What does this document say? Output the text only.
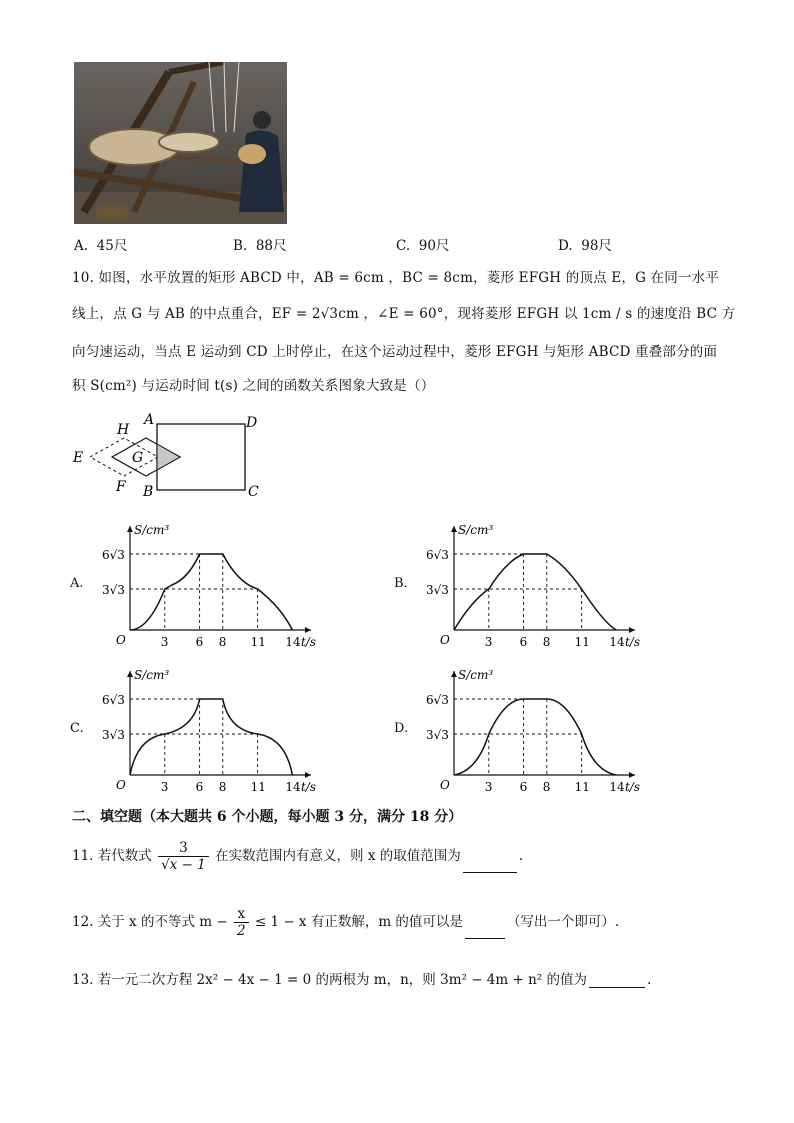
A. 45尺	B. 88尺	C. 90尺	D. 98尺
10. 如图，水平放置的矩形 ABCD 中，AB = 6cm ，BC = 8cm，菱形 EFGH 的顶点 E，G 在同一水平
线上，点 G 与 AB 的中点重合，EF = 2√3cm ，∠E = 60°，现将菱形 EFGH 以 1cm / s 的速度沿 BC 方
向匀速运动，当点 E 运动到 CD 上时停止，在这个运动过程中，菱形 EFGH 与矩形 ABCD 重叠部分的面
积 S(cm²) 与运动时间 t(s) 之间的函数关系图象大致是（）
A	D
B	C
E
H
F
G
A.
S/cm³
t/s
O
6√3
3√3
3 6 8 11 14
B.
S/cm³
t/s
O
6√3
3√3
3 6 8 11 14
C.
S/cm³
t/s
O
6√3
3√3
3 6 8 11 14
D.
S/cm³
t/s
O
6√3
3√3
3 6 8 11 14
二、填空题（本大题共 6 个小题，每小题 3 分，满分 18 分）
11. 若代数式 $\frac{3}{√x - 1}$ 在实数范围内有意义，则 x 的取值范围为	.
12. 关于 x 的不等式 $m - \frac{x}{2} \le 1 - x$ 有正数解，m 的值可以是	（写出一个即可）.
13. 若一元二次方程 2x² − 4x − 1 = 0 的两根为 m，n，则 3m² − 4m + n² 的值为	.
